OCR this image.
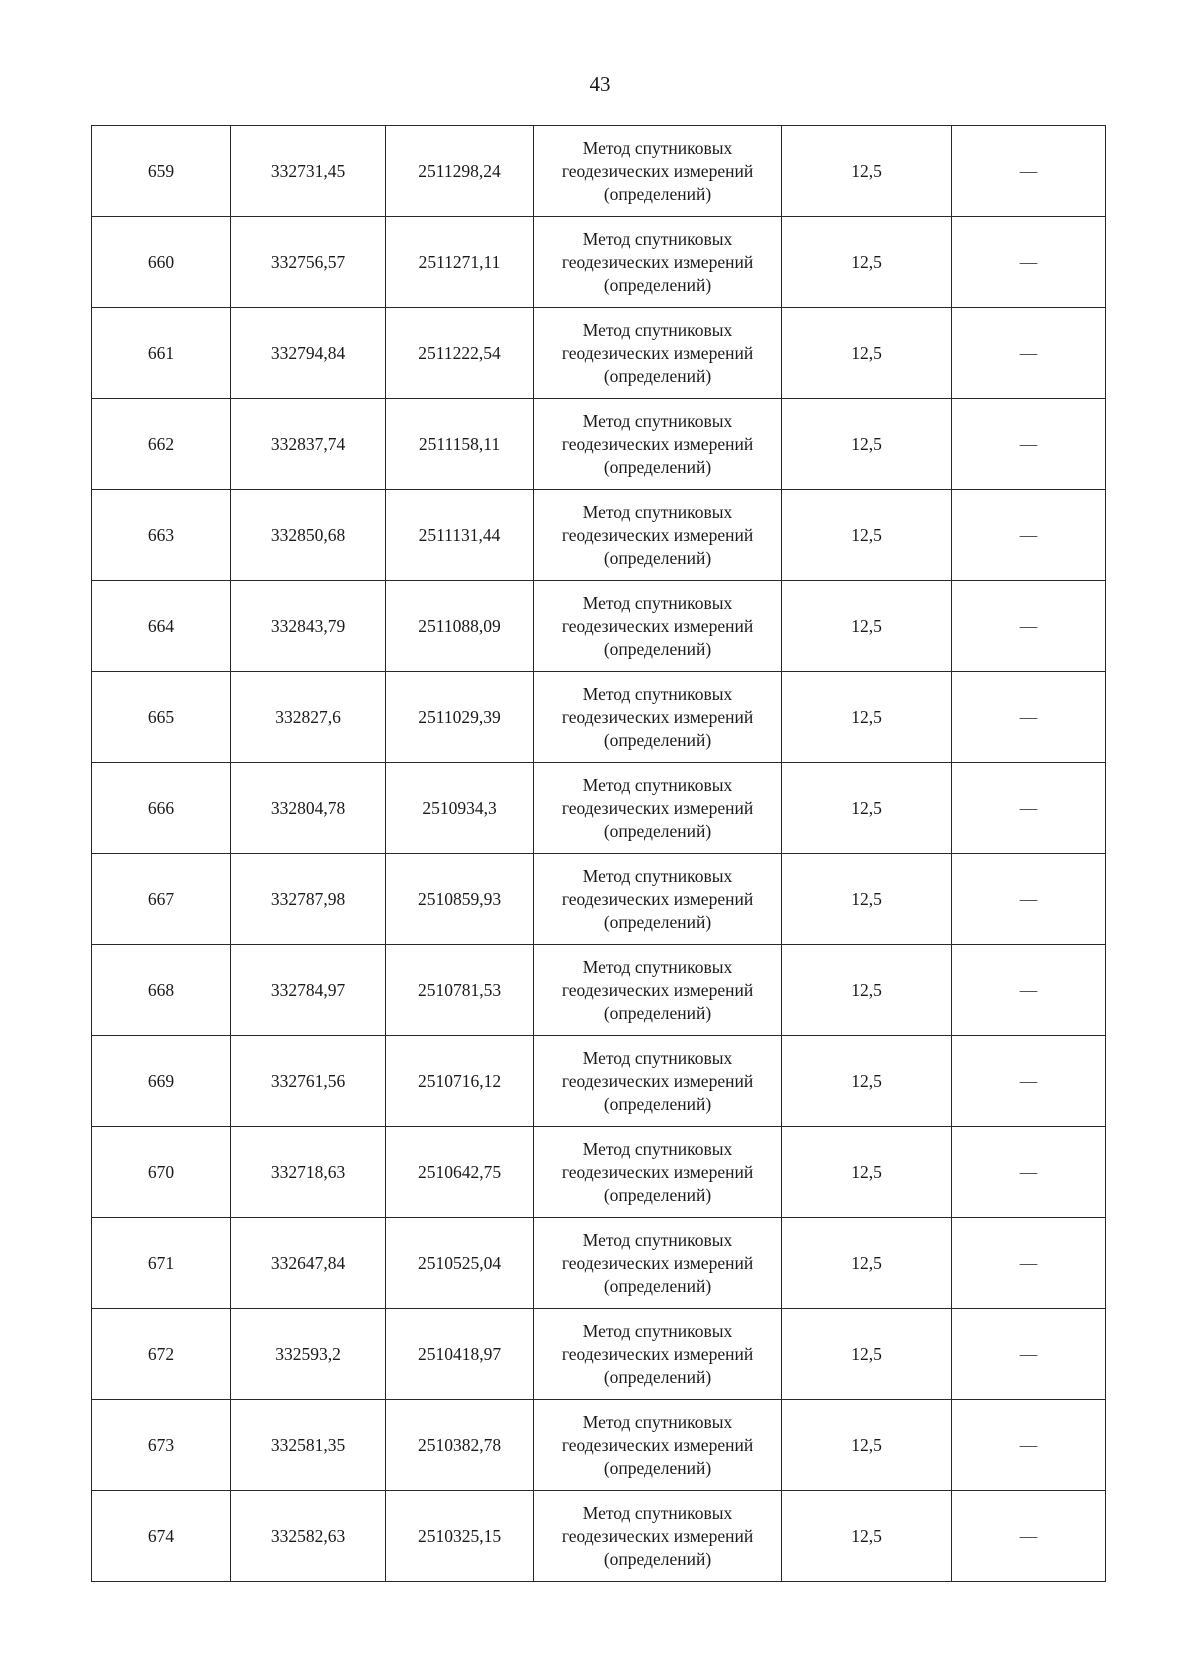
43
659	332731,45	2511298,24	Метод спутниковых
геодезических измерений
(определений)	12,5	—
660	332756,57	2511271,11	Метод спутниковых
геодезических измерений
(определений)	12,5	—
661	332794,84	2511222,54	Метод спутниковых
геодезических измерений
(определений)	12,5	—
662	332837,74	2511158,11	Метод спутниковых
геодезических измерений
(определений)	12,5	—
663	332850,68	2511131,44	Метод спутниковых
геодезических измерений
(определений)	12,5	—
664	332843,79	2511088,09	Метод спутниковых
геодезических измерений
(определений)	12,5	—
665	332827,6	2511029,39	Метод спутниковых
геодезических измерений
(определений)	12,5	—
666	332804,78	2510934,3	Метод спутниковых
геодезических измерений
(определений)	12,5	—
667	332787,98	2510859,93	Метод спутниковых
геодезических измерений
(определений)	12,5	—
668	332784,97	2510781,53	Метод спутниковых
геодезических измерений
(определений)	12,5	—
669	332761,56	2510716,12	Метод спутниковых
геодезических измерений
(определений)	12,5	—
670	332718,63	2510642,75	Метод спутниковых
геодезических измерений
(определений)	12,5	—
671	332647,84	2510525,04	Метод спутниковых
геодезических измерений
(определений)	12,5	—
672	332593,2	2510418,97	Метод спутниковых
геодезических измерений
(определений)	12,5	—
673	332581,35	2510382,78	Метод спутниковых
геодезических измерений
(определений)	12,5	—
674	332582,63	2510325,15	Метод спутниковых
геодезических измерений
(определений)	12,5	—
